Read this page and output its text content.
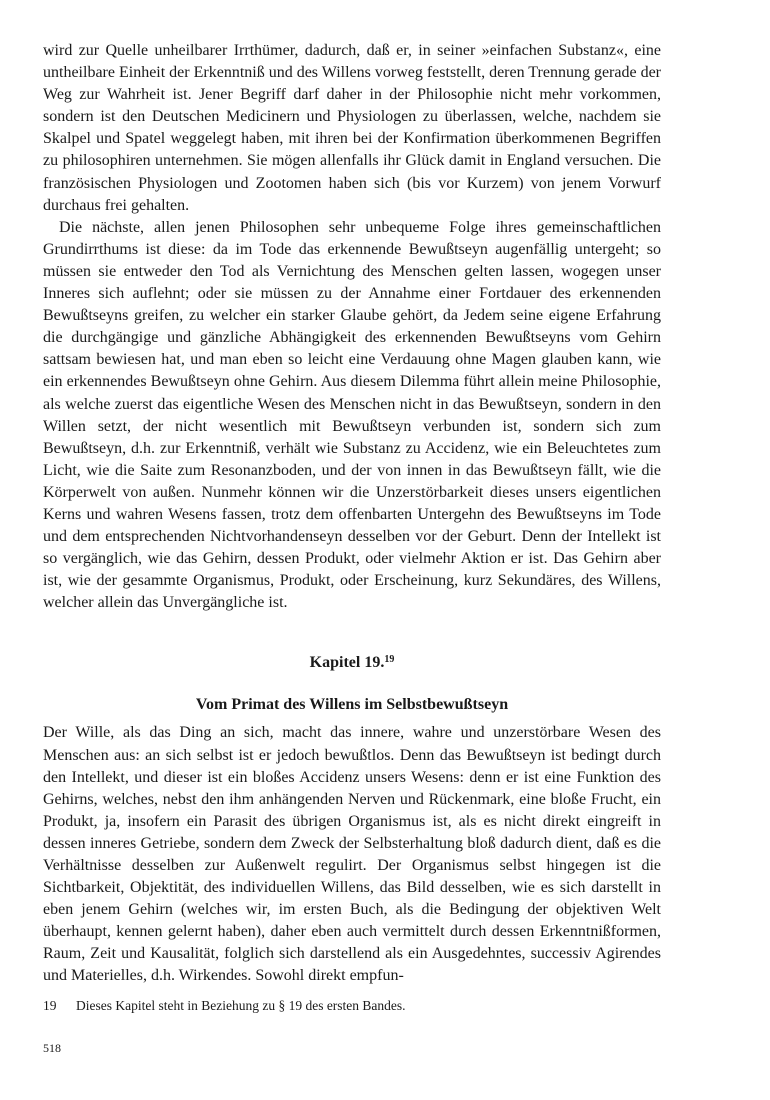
wird zur Quelle unheilbarer Irrthümer, dadurch, daß er, in seiner »einfachen Substanz«, eine untheilbare Einheit der Erkenntniß und des Willens vorweg feststellt, deren Trennung gerade der Weg zur Wahrheit ist. Jener Begriff darf daher in der Philosophie nicht mehr vorkommen, sondern ist den Deutschen Medicinern und Physiologen zu überlassen, welche, nachdem sie Skalpel und Spatel weggelegt haben, mit ihren bei der Konfirmation überkommenen Begriffen zu philosophiren unternehmen. Sie mögen allenfalls ihr Glück damit in England versuchen. Die französischen Physiologen und Zootomen haben sich (bis vor Kurzem) von jenem Vorwurf durchaus frei gehalten.

Die nächste, allen jenen Philosophen sehr unbequeme Folge ihres gemeinschaftlichen Grundirrthums ist diese: da im Tode das erkennende Bewußtseyn augenfällig untergeht; so müssen sie entweder den Tod als Vernichtung des Menschen gelten lassen, wogegen unser Inneres sich auflehnt; oder sie müssen zu der Annahme einer Fortdauer des erkennenden Bewußtseyns greifen, zu welcher ein starker Glaube gehört, da Jedem seine eigene Erfahrung die durchgängige und gänzliche Abhängigkeit des erkennenden Bewußtseyns vom Gehirn sattsam bewiesen hat, und man eben so leicht eine Verdauung ohne Magen glauben kann, wie ein erkennendes Bewußtseyn ohne Gehirn. Aus diesem Dilemma führt allein meine Philosophie, als welche zuerst das eigentliche Wesen des Menschen nicht in das Bewußtseyn, sondern in den Willen setzt, der nicht wesentlich mit Bewußtseyn verbunden ist, sondern sich zum Bewußtseyn, d.h. zur Erkenntniß, verhält wie Substanz zu Accidenz, wie ein Beleuchtetes zum Licht, wie die Saite zum Resonanzboden, und der von innen in das Bewußtseyn fällt, wie die Körperwelt von außen. Nunmehr können wir die Unzerstörbarkeit dieses unsers eigentlichen Kerns und wahren Wesens fassen, trotz dem offenbarten Untergehn des Bewußtseyns im Tode und dem entsprechenden Nichtvorhandenseyn desselben vor der Geburt. Denn der Intellekt ist so vergänglich, wie das Gehirn, dessen Produkt, oder vielmehr Aktion er ist. Das Gehirn aber ist, wie der gesammte Organismus, Produkt, oder Erscheinung, kurz Sekundäres, des Willens, welcher allein das Unvergängliche ist.

Kapitel 19.19
Vom Primat des Willens im Selbstbewußtseyn

Der Wille, als das Ding an sich, macht das innere, wahre und unzerstörbare Wesen des Menschen aus: an sich selbst ist er jedoch bewußtlos. Denn das Bewußtseyn ist bedingt durch den Intellekt, und dieser ist ein bloßes Accidenz unsers Wesens: denn er ist eine Funktion des Gehirns, welches, nebst den ihm anhängenden Nerven und Rückenmark, eine bloße Frucht, ein Produkt, ja, insofern ein Parasit des übrigen Organismus ist, als es nicht direkt eingreift in dessen inneres Getriebe, sondern dem Zweck der Selbsterhaltung bloß dadurch dient, daß es die Verhältnisse desselben zur Außenwelt regulirt. Der Organismus selbst hingegen ist die Sichtbarkeit, Objektität, des individuellen Willens, das Bild desselben, wie es sich darstellt in eben jenem Gehirn (welches wir, im ersten Buch, als die Bedingung der objektiven Welt überhaupt, kennen gelernt haben), daher eben auch vermittelt durch dessen Erkenntnißformen, Raum, Zeit und Kausalität, folglich sich darstellend als ein Ausgedehntes, successiv Agirendes und Materielles, d.h. Wirkendes. Sowohl direkt empfun-

19	Dieses Kapitel steht in Beziehung zu § 19 des ersten Bandes.
518
